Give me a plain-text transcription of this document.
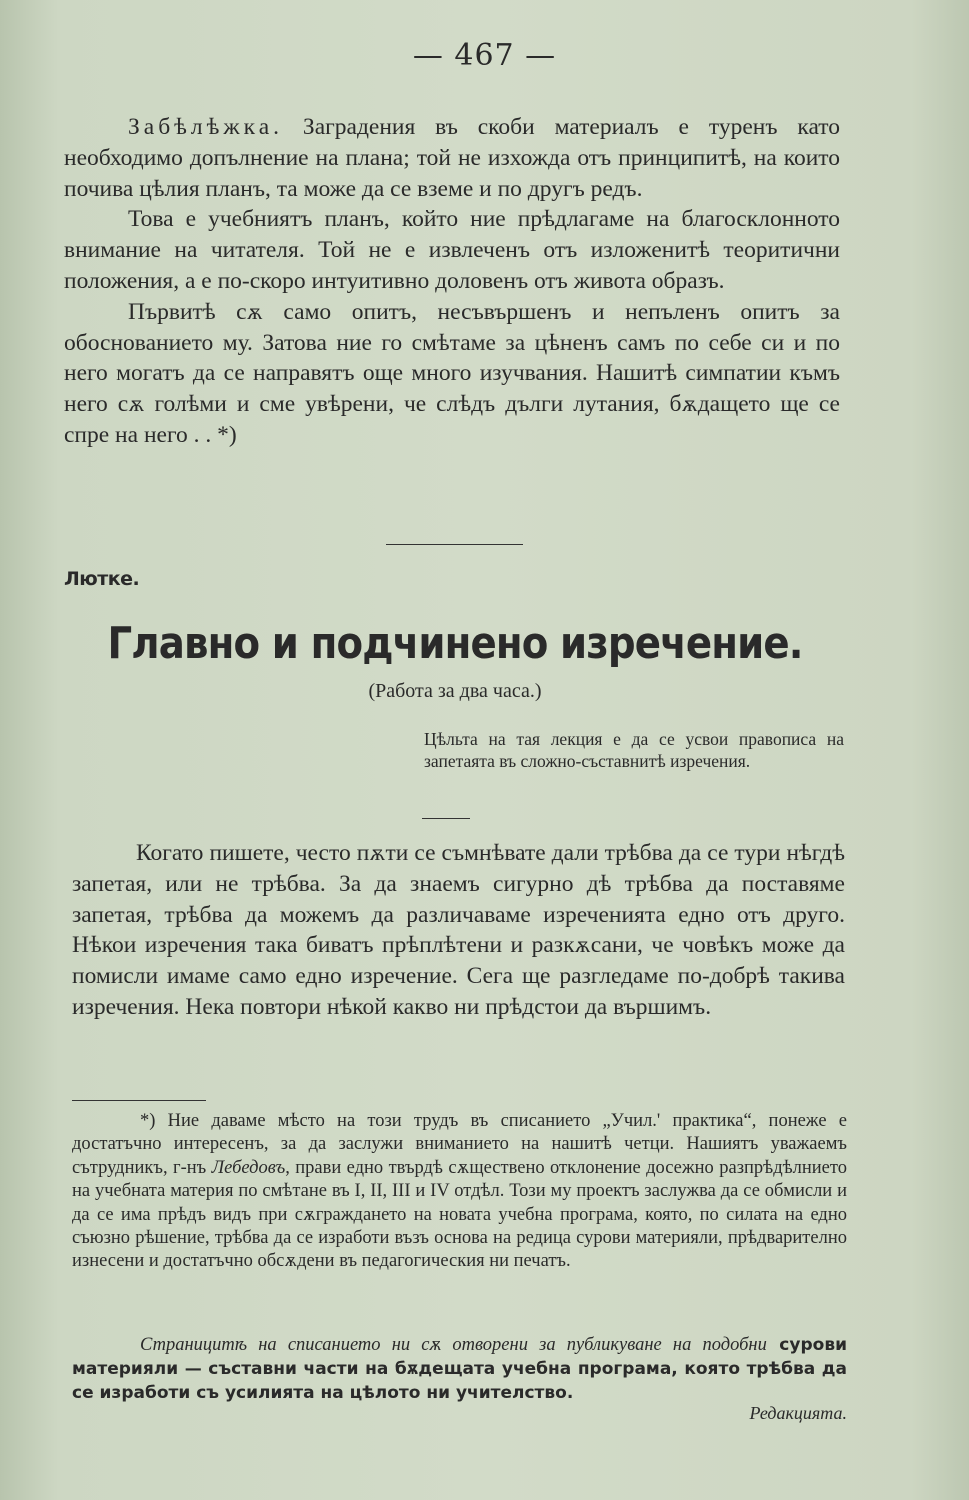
— 467 —

Забѣлѣжка. Заградения въ скоби материалъ е туренъ като необходимо допълнение на плана; той не изхожда отъ принципитѣ, на които почива цѣлия планъ, та може да се вземе и по другъ редъ.

Това е учебниятъ планъ, който ние прѣдлагаме на благосклонното внимание на читателя. Той не е извлеченъ отъ изложенитѣ теоритични положения, а е по-скоро интуитивно доловенъ отъ живота образъ.

Първитѣ сѫ само опитъ, несъвършенъ и непъленъ опитъ за обоснованието му. Затова ние го смѣтаме за цѣненъ самъ по себе си и по него могатъ да се направятъ още много изучвания. Нашитѣ симпатии къмъ него сѫ голѣми и сме увѣрени, че слѣдъ дълги лутания, бѫдащето ще се спре на него . . *)

Лютке.
Главно и подчинено изречение.
(Работа за два часа.)
Цѣльта на тая лекция е да се усвои правописа на запетаята въ сложно-съставнитѣ изречения.

Когато пишете, често пѫти се съмнѣвате дали трѣбва да се тури нѣгдѣ запетая, или не трѣбва. За да знаемъ сигурно дѣ трѣбва да поставяме запетая, трѣбва да можемъ да различаваме изреченията едно отъ друго. Нѣкои изречения така биватъ прѣплѣтени и разкѫсани, че човѣкъ може да помисли имаме само едно изречение. Сега ще разгледаме по-добрѣ такива изречения. Нека повтори нѣкой какво ни прѣдстои да вършимъ.

*) Ние даваме мѣсто на този трудъ въ списанието „Учил.' практика“, понеже е достатъчно интересенъ, за да заслужи вниманието на нашитѣ четци. Нашиятъ уважаемъ сътрудникъ, г-нъ Лебедовъ, прави едно твърдѣ сѫществено отклонение досежно разпрѣдѣлнието на учебната материя по смѣтане въ I, II, III и IV отдѣл. Този му проектъ заслужва да се обмисли и да се има прѣдъ видъ при сѫграждането на новата учебна програма, която, по силата на едно съюзно рѣшение, трѣбва да се изработи възъ основа на редица сурови материяли, прѣдварително изнесени и достатъчно обсѫдени въ педагогическия ни печатъ.

Страницитѣ на списанието ни сѫ отворени за публикуване на подобни сурови материяли — съставни части на бѫдещата учебна програма, която трѣбва да се изработи съ усилията на цѣлото ни учителство.

Редакцията.
